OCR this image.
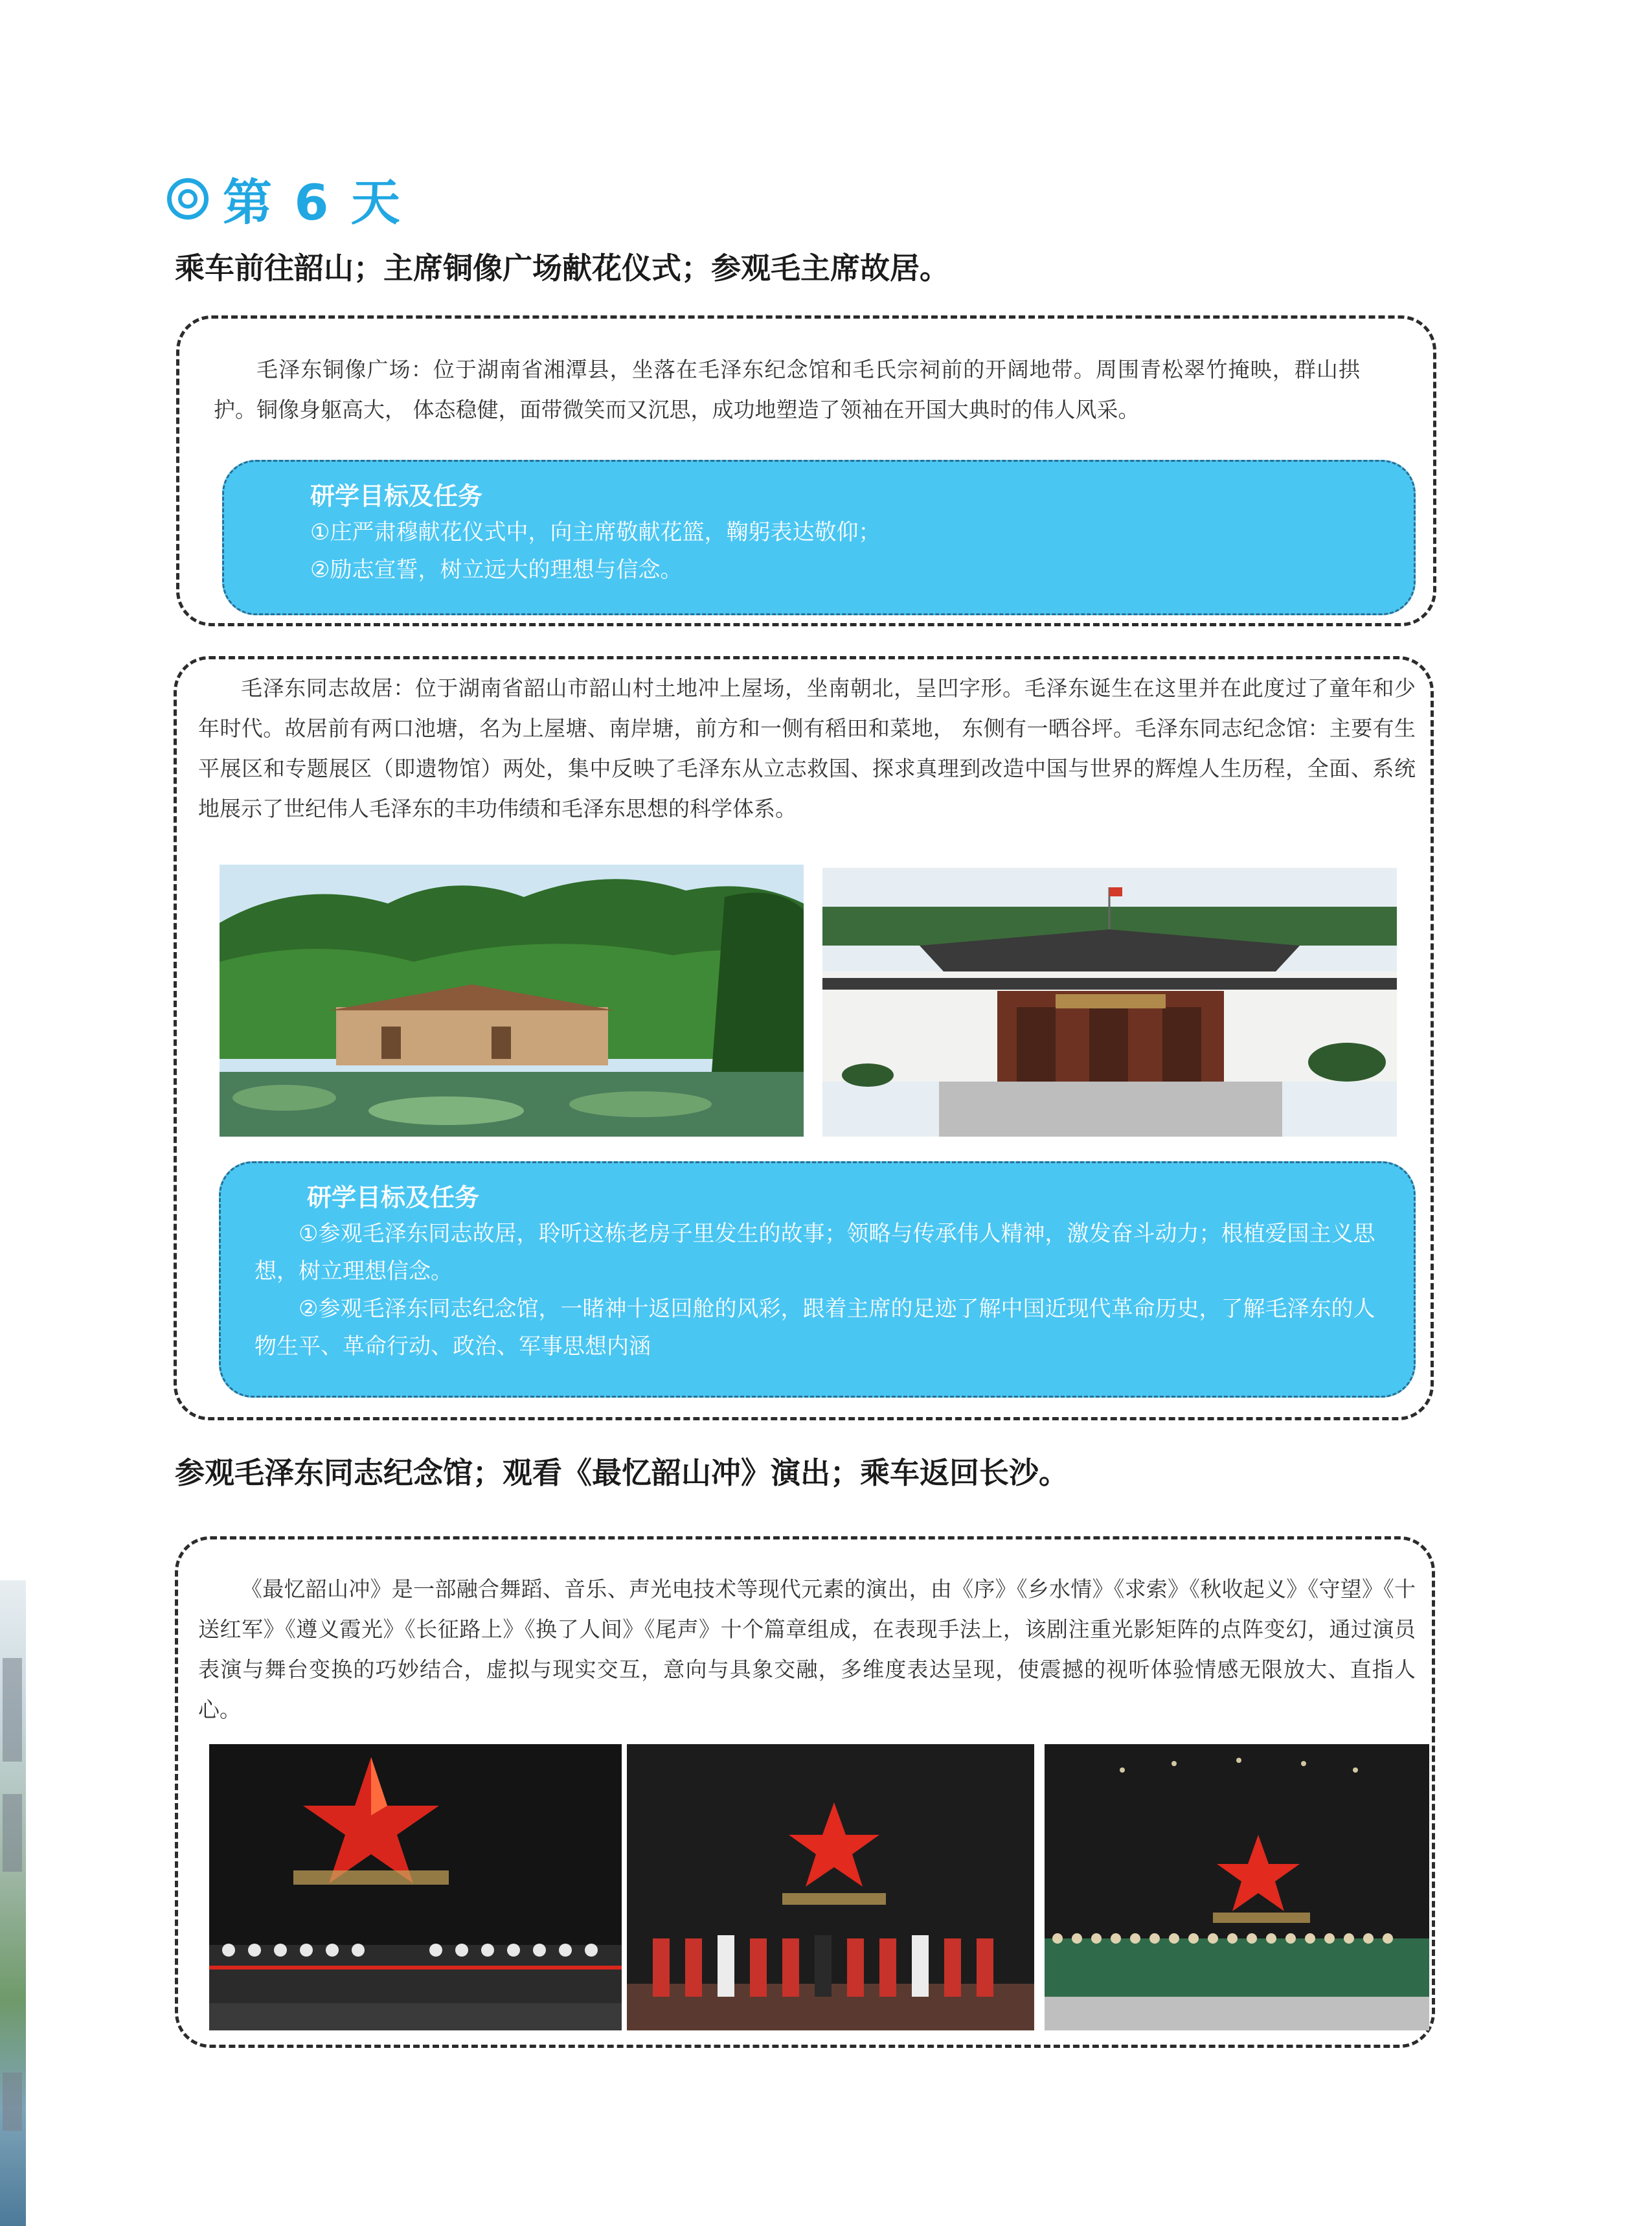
第 6 天
乘车前往韶山；主席铜像广场献花仪式；参观毛主席故居。
毛泽东铜像广场：位于湖南省湘潭县，坐落在毛泽东纪念馆和毛氏宗祠前的开阔地带。周围青松翠竹掩映，群山拱护。铜像身躯高大， 体态稳健，面带微笑而又沉思，成功地塑造了领袖在开国大典时的伟人风采。
研学目标及任务
①庄严肃穆献花仪式中，向主席敬献花篮，鞠躬表达敬仰；
②励志宣誓，树立远大的理想与信念。
毛泽东同志故居：位于湖南省韶山市韶山村土地冲上屋场，坐南朝北，呈凹字形。毛泽东诞生在这里并在此度过了童年和少年时代。故居前有两口池塘，名为上屋塘、南岸塘，前方和一侧有稻田和菜地， 东侧有一晒谷坪。毛泽东同志纪念馆：主要有生平展区和专题展区（即遗物馆）两处，集中反映了毛泽东从立志救国、探求真理到改造中国与世界的辉煌人生历程，全面、系统地展示了世纪伟人毛泽东的丰功伟绩和毛泽东思想的科学体系。
研学目标及任务

①参观毛泽东同志故居，聆听这栋老房子里发生的故事；领略与传承伟人精神，激发奋斗动力；根植爱国主义思想，树立理想信念。

②参观毛泽东同志纪念馆，一睹神十返回舱的风彩，跟着主席的足迹了解中国近现代革命历史，了解毛泽东的人物生平、革命行动、政治、军事思想内涵

参观毛泽东同志纪念馆；观看《最忆韶山冲》演出；乘车返回长沙。
《最忆韶山冲》是一部融合舞蹈、音乐、声光电技术等现代元素的演出，由《序》《乡水情》《求索》《秋收起义》《守望》《十送红军》《遵义霞光》《长征路上》《换了人间》《尾声》十个篇章组成，在表现手法上，该剧注重光影矩阵的点阵变幻，通过演员表演与舞台变换的巧妙结合，虚拟与现实交互，意向与具象交融，多维度表达呈现，使震撼的视听体验情感无限放大、直指人心。
